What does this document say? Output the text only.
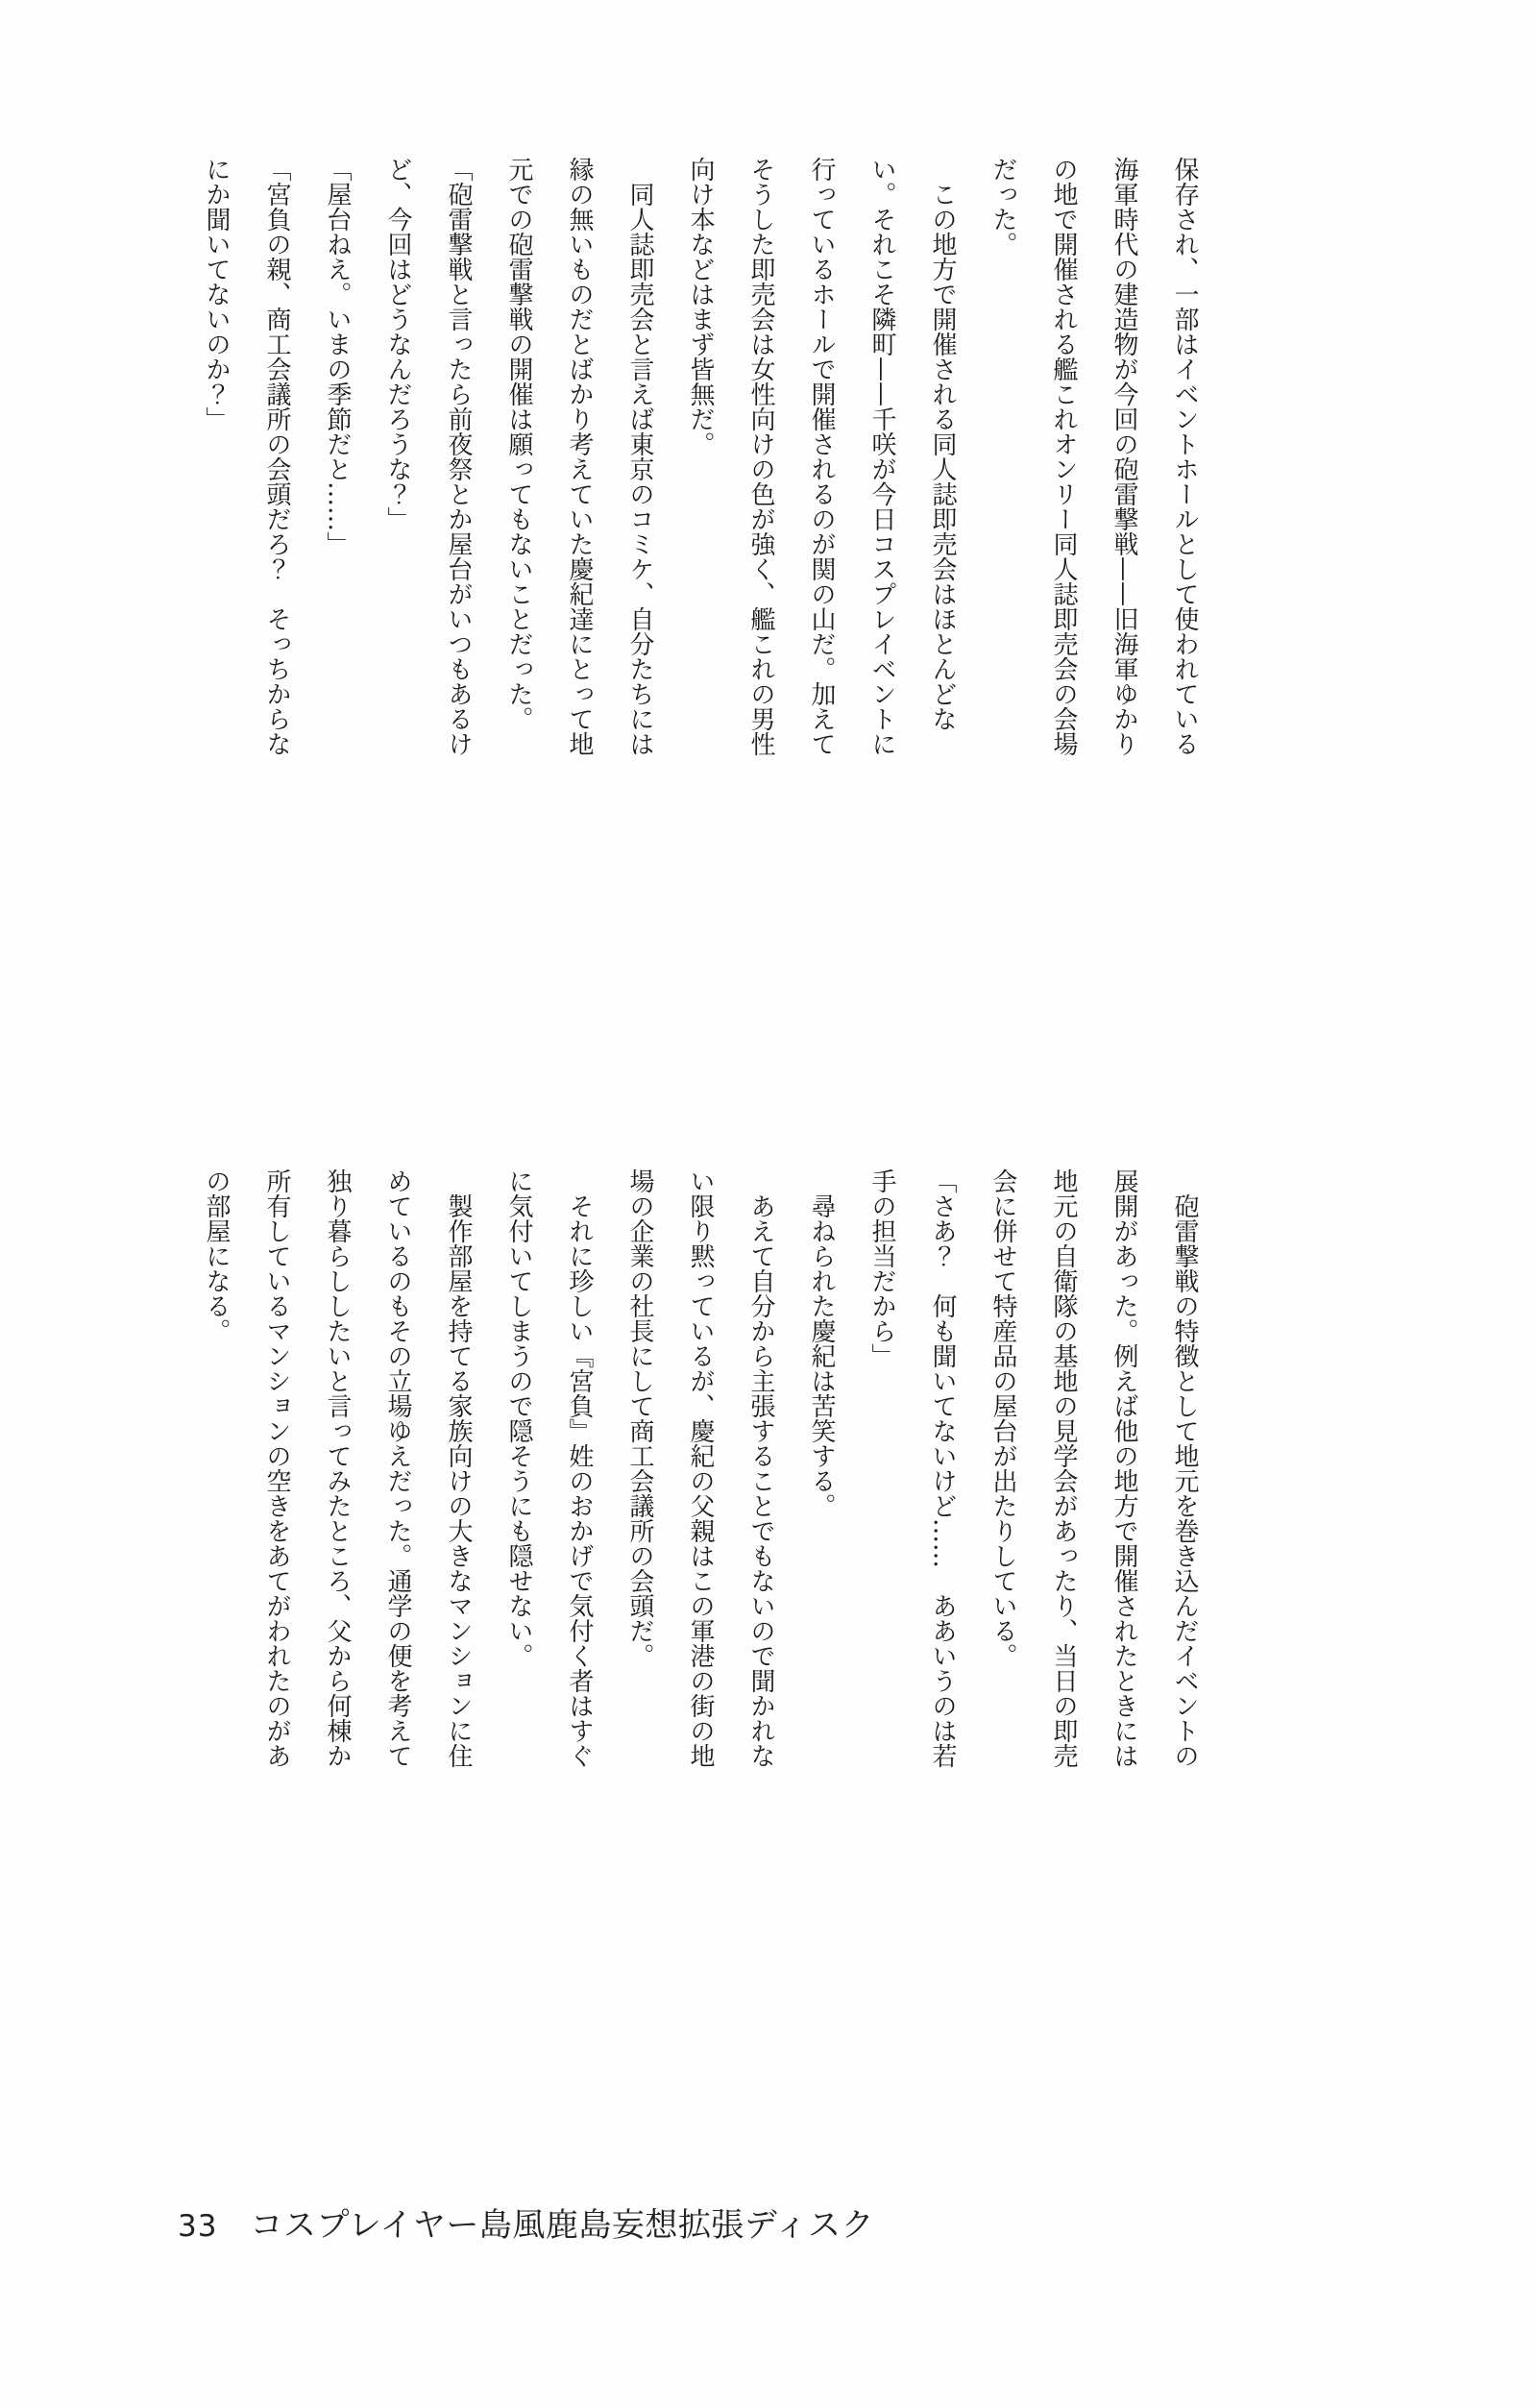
保存され、一部はイベントホールとして使われている海軍時代の建造物が今回の砲雷撃戦——旧海軍ゆかりの地で開催される艦これオンリー同人誌即売会の会場だった。

この地方で開催される同人誌即売会はほとんどない。それこそ隣町——千咲が今日コスプレイベントに行っているホールで開催されるのが関の山だ。加えてそうした即売会は女性向けの色が強く、艦これの男性向け本などはまず皆無だ。

同人誌即売会と言えば東京のコミケ、自分たちには縁の無いものだとばかり考えていた慶紀達にとって地元での砲雷撃戦の開催は願ってもないことだった。

「砲雷撃戦と言ったら前夜祭とか屋台がいつもあるけど、今回はどうなんだろうな？」

「屋台ねえ。いまの季節だと……」

「宮負の親、商工会議所の会頭だろ？　そっちからなにか聞いてないのか？」

砲雷撃戦の特徴として地元を巻き込んだイベントの展開があった。例えば他の地方で開催されたときには地元の自衛隊の基地の見学会があったり、当日の即売会に併せて特産品の屋台が出たりしている。

「さあ？　何も聞いてないけど……　ああいうのは若手の担当だから」

尋ねられた慶紀は苦笑する。

あえて自分から主張することでもないので聞かれない限り黙っているが、慶紀の父親はこの軍港の街の地場の企業の社長にして商工会議所の会頭だ。

それに珍しい『宮負』姓のおかげで気付く者はすぐに気付いてしまうので隠そうにも隠せない。

製作部屋を持てる家族向けの大きなマンションに住めているのもその立場ゆえだった。通学の便を考えて独り暮らししたいと言ってみたところ、父から何棟か所有しているマンションの空きをあてがわれたのがあの部屋になる。

33 コスプレイヤー島風鹿島妄想拡張ディスク
